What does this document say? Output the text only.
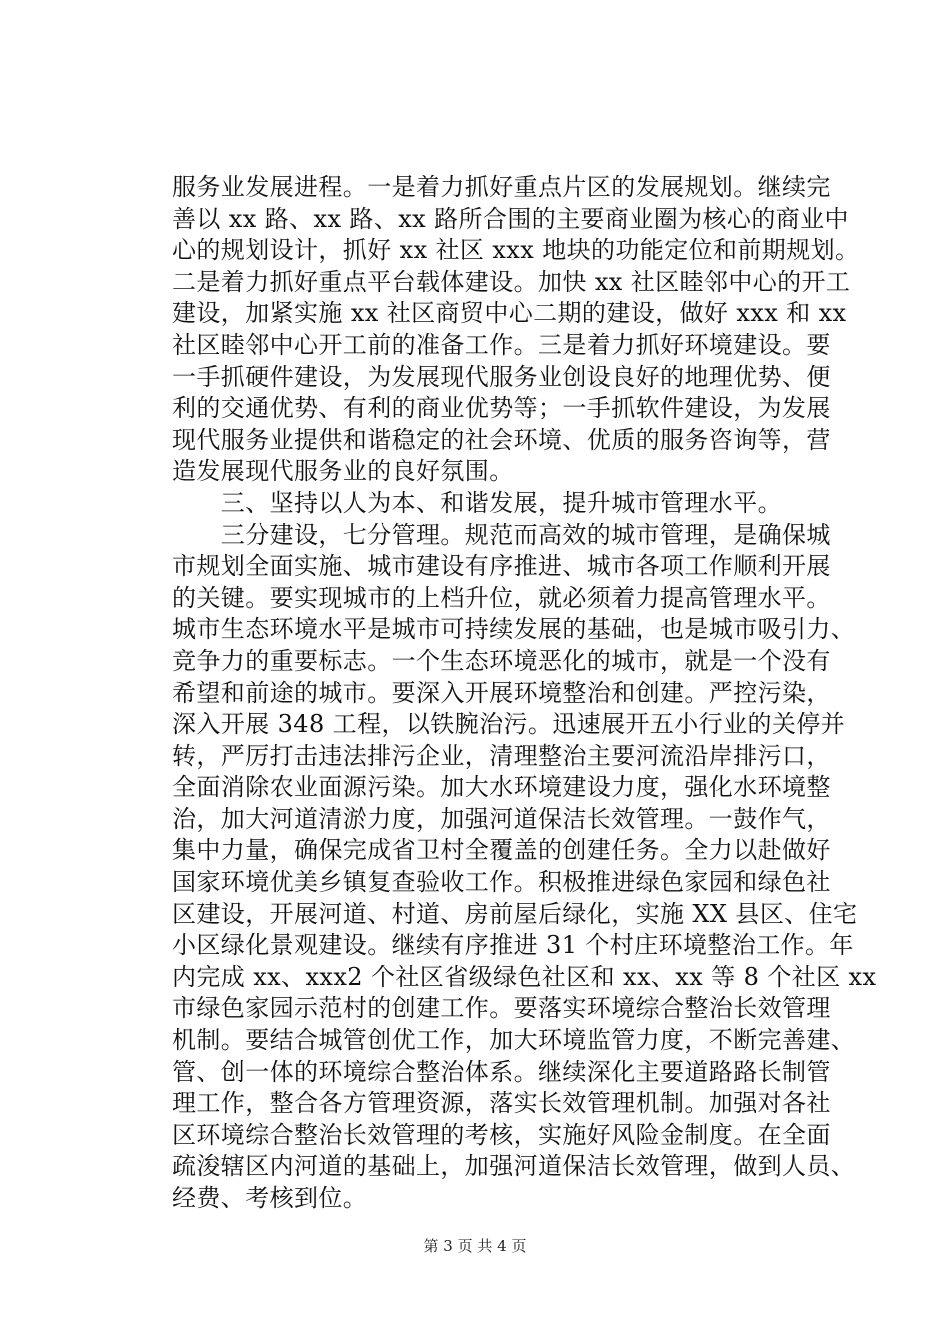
服务业发展进程。一是着力抓好重点片区的发展规划。继续完
善以 xx 路、xx 路、xx 路所合围的主要商业圈为核心的商业中
心的规划设计，抓好 xx 社区 xxx 地块的功能定位和前期规划。
二是着力抓好重点平台载体建设。加快 xx 社区睦邻中心的开工
建设，加紧实施 xx 社区商贸中心二期的建设，做好 xxx 和 xx
社区睦邻中心开工前的准备工作。三是着力抓好环境建设。要
一手抓硬件建设，为发展现代服务业创设良好的地理优势、便
利的交通优势、有利的商业优势等；一手抓软件建设，为发展
现代服务业提供和谐稳定的社会环境、优质的服务咨询等，营
造发展现代服务业的良好氛围。
　　三、坚持以人为本、和谐发展，提升城市管理水平。
　　三分建设，七分管理。规范而高效的城市管理，是确保城
市规划全面实施、城市建设有序推进、城市各项工作顺利开展
的关键。要实现城市的上档升位，就必须着力提高管理水平。
城市生态环境水平是城市可持续发展的基础，也是城市吸引力、
竞争力的重要标志。一个生态环境恶化的城市，就是一个没有
希望和前途的城市。要深入开展环境整治和创建。严控污染，
深入开展 348 工程，以铁腕治污。迅速展开五小行业的关停并
转，严厉打击违法排污企业，清理整治主要河流沿岸排污口，
全面消除农业面源污染。加大水环境建设力度，强化水环境整
治，加大河道清淤力度，加强河道保洁长效管理。一鼓作气，
集中力量，确保完成省卫村全覆盖的创建任务。全力以赴做好
国家环境优美乡镇复查验收工作。积极推进绿色家园和绿色社
区建设，开展河道、村道、房前屋后绿化，实施 XX 县区、住宅
小区绿化景观建设。继续有序推进 31 个村庄环境整治工作。年
内完成 xx、xxx2 个社区省级绿色社区和 xx、xx 等 8 个社区 xx
市绿色家园示范村的创建工作。要落实环境综合整治长效管理
机制。要结合城管创优工作，加大环境监管力度，不断完善建、
管、创一体的环境综合整治体系。继续深化主要道路路长制管
理工作，整合各方管理资源，落实长效管理机制。加强对各社
区环境综合整治长效管理的考核，实施好风险金制度。在全面
疏浚辖区内河道的基础上，加强河道保洁长效管理，做到人员、
经费、考核到位。
第 3 页 共 4 页
